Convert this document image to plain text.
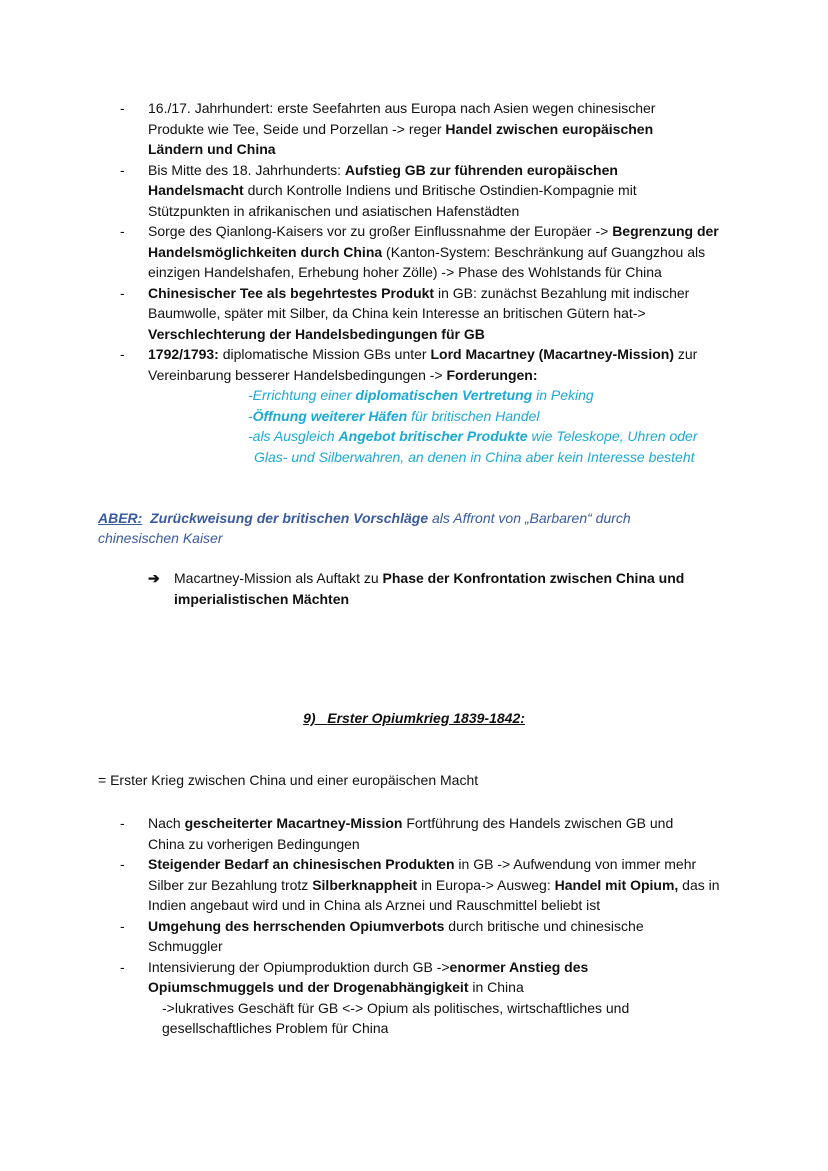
- 16./17. Jahrhundert: erste Seefahrten aus Europa nach Asien wegen chinesischer Produkte wie Tee, Seide und Porzellan -> reger Handel zwischen europäischen Ländern und China
- Bis Mitte des 18. Jahrhunderts: Aufstieg GB zur führenden europäischen Handelsmacht durch Kontrolle Indiens und Britische Ostindien-Kompagnie mit Stützpunkten in afrikanischen und asiatischen Hafenstädten
- Sorge des Qianlong-Kaisers vor zu großer Einflussnahme der Europäer -> Begrenzung der Handelsmöglichkeiten durch China (Kanton-System: Beschränkung auf Guangzhou als einzigen Handelshafen, Erhebung hoher Zölle) -> Phase des Wohlstands für China
- Chinesischer Tee als begehrtestes Produkt in GB: zunächst Bezahlung mit indischer Baumwolle, später mit Silber, da China kein Interesse an britischen Gütern hat-> Verschlechterung der Handelsbedingungen für GB
- 1792/1793: diplomatische Mission GBs unter Lord Macartney (Macartney-Mission) zur Vereinbarung besserer Handelsbedingungen -> Forderungen:
-Errichtung einer diplomatischen Vertretung in Peking
-Öffnung weiterer Häfen für britischen Handel
-als Ausgleich Angebot britischer Produkte wie Teleskope, Uhren oder
Glas- und Silberwahren, an denen in China aber kein Interesse besteht
ABER: Zurückweisung der britischen Vorschläge als Affront von „Barbaren“ durch chinesischen Kaiser
➔	Macartney-Mission als Auftakt zu Phase der Konfrontation zwischen China und imperialistischen Mächten
9) Erster Opiumkrieg 1839-1842:
= Erster Krieg zwischen China und einer europäischen Macht
- Nach gescheiterter Macartney-Mission Fortführung des Handels zwischen GB und China zu vorherigen Bedingungen
- Steigender Bedarf an chinesischen Produkten in GB -> Aufwendung von immer mehr Silber zur Bezahlung trotz Silberknappheit in Europa-> Ausweg: Handel mit Opium, das in Indien angebaut wird und in China als Arznei und Rauschmittel beliebt ist
- Umgehung des herrschenden Opiumverbots durch britische und chinesische Schmuggler
- Intensivierung der Opiumproduktion durch GB ->enormer Anstieg des Opiumschmuggels und der Drogenabhängigkeit in China
->lukratives Geschäft für GB <-> Opium als politisches, wirtschaftliches und gesellschaftliches Problem für China
